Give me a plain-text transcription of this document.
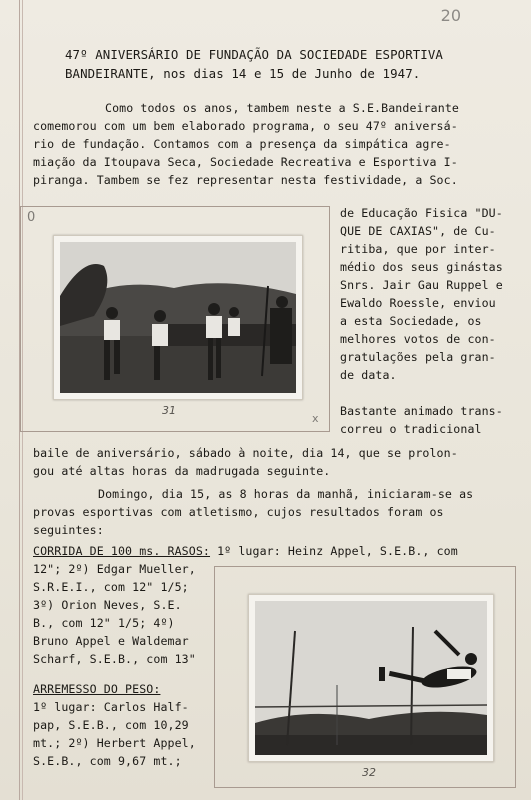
20
47º ANIVERSÁRIO DE FUNDAÇÃO DA SOCIEDADE ESPORTIVA
BANDEIRANTE, nos dias 14 e 15 de Junho de 1947.
Como todos os anos, tambem neste a S.E.Bandeirante
comemorou com um bem elaborado programa, o seu 47º aniversá-
rio de fundação. Contamos com a presença da simpática agre-
miação da Itoupava Seca, Sociedade Recreativa e Esportiva I-
piranga. Tambem se fez representar nesta festividade, a Soc.
0
31
x
de Educação Fisica "DU-
QUE DE CAXIAS", de Cu-
ritiba, que por inter-
médio dos seus ginástas
Snrs. Jair Gau Ruppel e
Ewaldo Roessle, enviou
a esta Sociedade, os
melhores votos de con-
gratulações pela gran-
de data.
Bastante animado trans-
correu o tradicional
baile de aniversário, sábado à noite, dia 14, que se prolon-
gou até altas horas da madrugada seguinte.
Domingo, dia 15, as 8 horas da manhã, iniciaram-se as
provas esportivas com atletismo, cujos resultados foram os
seguintes:
CORRIDA DE 100 ms. RASOS: 1º lugar: Heinz Appel, S.E.B., com
12"; 2º) Edgar Mueller,
S.R.E.I., com 12" 1/5;
3º) Orion Neves, S.E.
B., com 12" 1/5; 4º)
Bruno Appel e Waldemar
Scharf, S.E.B., com 13"
ARREMESSO DO PESO:
1º lugar: Carlos Half-
pap, S.E.B., com 10,29
mt.; 2º) Herbert Appel,
S.E.B., com 9,67 mt.;
32
